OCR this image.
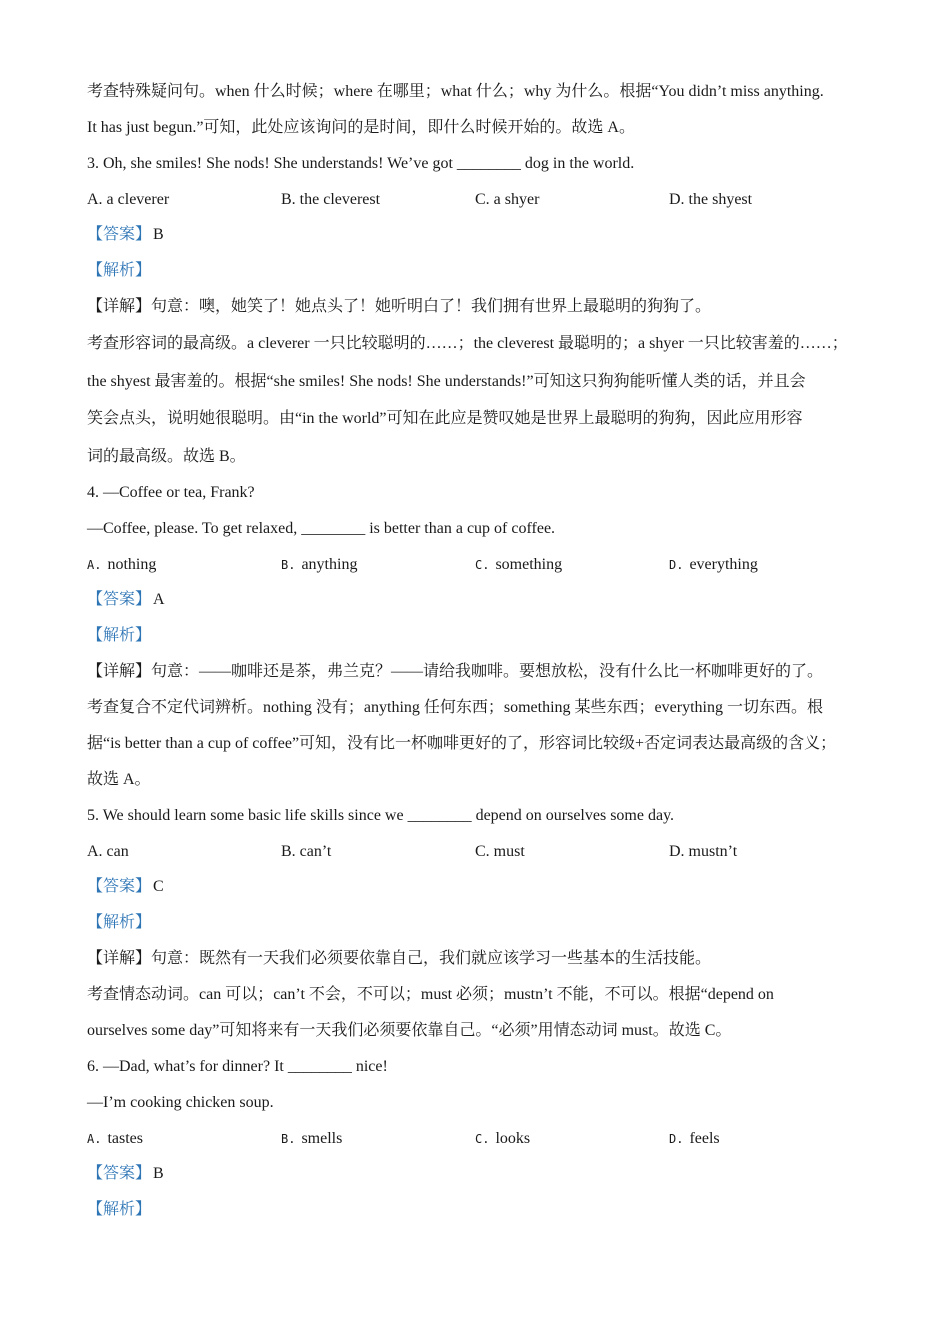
考查特殊疑问句。when 什么时候；where 在哪里；what 什么；why 为什么。根据“You didn’t miss anything.
It has just begun.”可知，此处应该询问的是时间，即什么时候开始的。故选 A。
3. Oh, she smiles! She nods! She understands! We’ve got ________ dog in the world.
A. a cleverer	B. the cleverest	C. a shyer	D. the shyest
【答案】 B
【解析】
【详解】句意：噢，她笑了！她点头了！她听明白了！我们拥有世界上最聪明的狗狗了。
考查形容词的最高级。a cleverer 一只比较聪明的……；the cleverest 最聪明的；a shyer 一只比较害羞的……；
the shyest 最害羞的。根据“she smiles! She nods! She understands!”可知这只狗狗能听懂人类的话，并且会
笑会点头，说明她很聪明。由“in the world”可知在此应是赞叹她是世界上最聪明的狗狗，因此应用形容
词的最高级。故选 B。
4. —Coffee or tea, Frank?
—Coffee, please. To get relaxed, ________ is better than a cup of coffee.
A. nothing	B. anything	C. something	D. everything
【答案】 A
【解析】
【详解】句意：——咖啡还是茶，弗兰克？——请给我咖啡。要想放松，没有什么比一杯咖啡更好的了。
考查复合不定代词辨析。nothing 没有；anything 任何东西；something 某些东西；everything 一切东西。根
据“is better than a cup of coffee”可知，没有比一杯咖啡更好的了，形容词比较级+否定词表达最高级的含义；
故选 A。
5. We should learn some basic life skills since we ________ depend on ourselves some day.
A. can	B. can’t	C. must	D. mustn’t
【答案】 C
【解析】
【详解】句意：既然有一天我们必须要依靠自己，我们就应该学习一些基本的生活技能。
考查情态动词。can 可以；can’t 不会，不可以；must 必须；mustn’t 不能，不可以。根据“depend on
ourselves some day”可知将来有一天我们必须要依靠自己。“必须”用情态动词 must。故选 C。
6. —Dad, what’s for dinner? It ________ nice!
—I’m cooking chicken soup.
A. tastes	B. smells	C. looks	D. feels
【答案】 B
【解析】
